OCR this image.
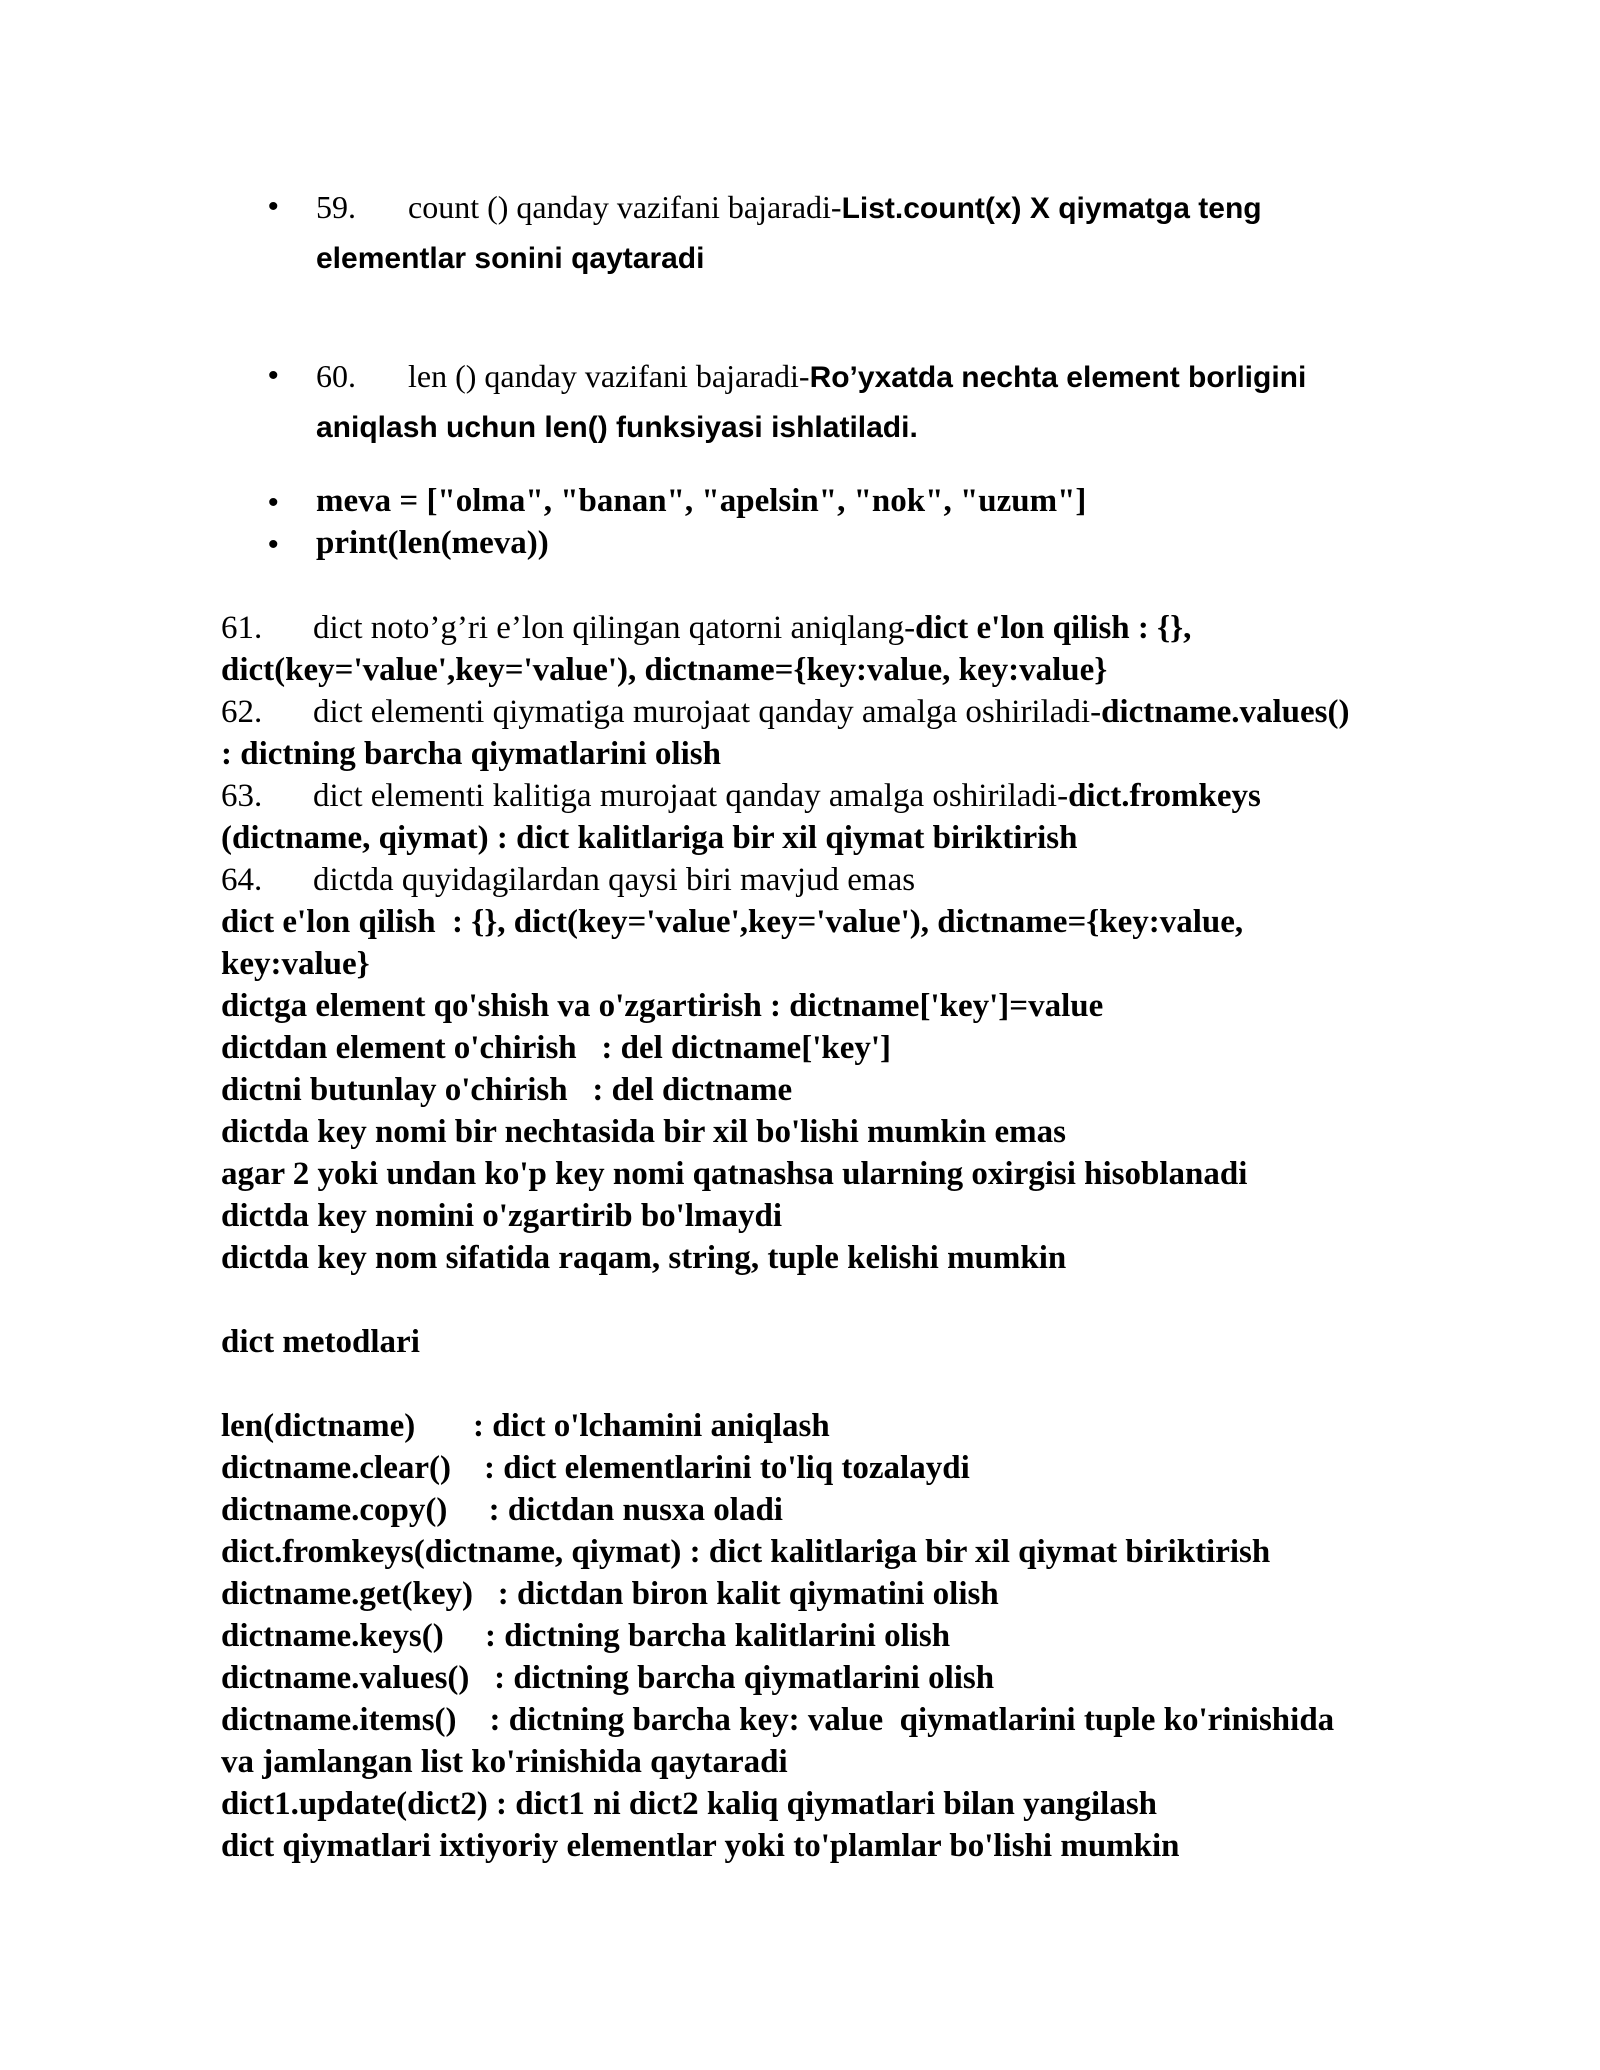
• 59. count () qanday vazifani bajaradi-List.count(x) X qiymatga teng
elementlar sonini qaytaradi
• 60. len () qanday vazifani bajaradi-Ro’yxatda nechta element borligini
aniqlash uchun len() funksiyasi ishlatiladi.
• meva = ["olma", "banan", "apelsin", "nok", "uzum"]
• print(len(meva))
61. dict noto’g’ri e’lon qilingan qatorni aniqlang-dict e'lon qilish : {},
dict(key='value',key='value'), dictname={key:value, key:value}
62. dict elementi qiymatiga murojaat qanday amalga oshiriladi-dictname.values()
: dictning barcha qiymatlarini olish
63. dict elementi kalitiga murojaat qanday amalga oshiriladi-dict.fromkeys
(dictname, qiymat) : dict kalitlariga bir xil qiymat biriktirish
64. dictda quyidagilardan qaysi biri mavjud emas
dict e'lon qilish  : {}, dict(key='value',key='value'), dictname={key:value,
key:value}
dictga element qo'shish va o'zgartirish : dictname['key']=value
dictdan element o'chirish   : del dictname['key']
dictni butunlay o'chirish   : del dictname
dictda key nomi bir nechtasida bir xil bo'lishi mumkin emas
agar 2 yoki undan ko'p key nomi qatnashsa ularning oxirgisi hisoblanadi
dictda key nomini o'zgartirib bo'lmaydi
dictda key nom sifatida raqam, string, tuple kelishi mumkin
dict metodlari
len(dictname)       : dict o'lchamini aniqlash
dictname.clear()    : dict elementlarini to'liq tozalaydi
dictname.copy()     : dictdan nusxa oladi
dict.fromkeys(dictname, qiymat) : dict kalitlariga bir xil qiymat biriktirish
dictname.get(key)   : dictdan biron kalit qiymatini olish
dictname.keys()     : dictning barcha kalitlarini olish
dictname.values()   : dictning barcha qiymatlarini olish
dictname.items()    : dictning barcha key: value  qiymatlarini tuple ko'rinishida
va jamlangan list ko'rinishida qaytaradi
dict1.update(dict2) : dict1 ni dict2 kaliq qiymatlari bilan yangilash
dict qiymatlari ixtiyoriy elementlar yoki to'plamlar bo'lishi mumkin
